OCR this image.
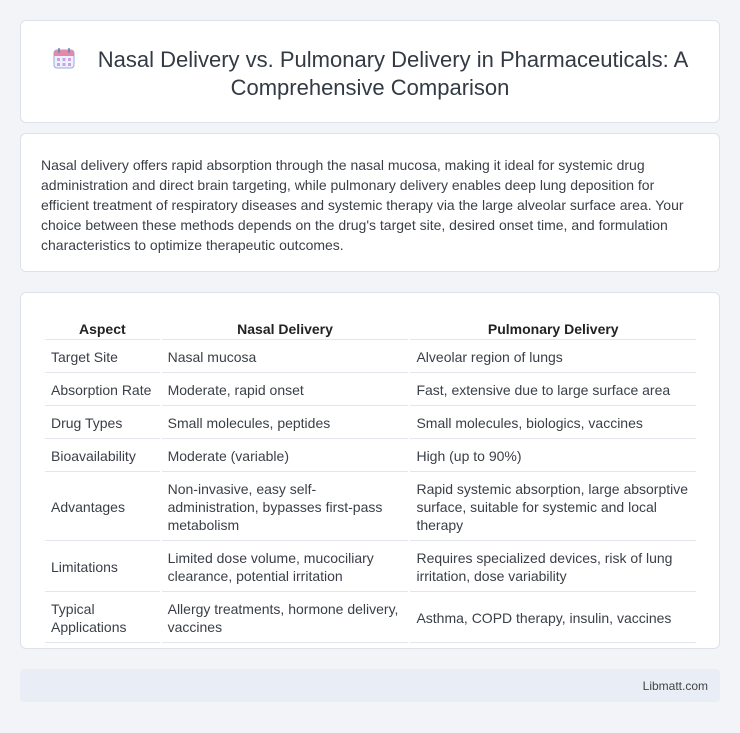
Nasal Delivery vs. Pulmonary Delivery in Pharmaceuticals: A Comprehensive Comparison

Nasal delivery offers rapid absorption through the nasal mucosa, making it ideal for systemic drug administration and direct brain targeting, while pulmonary delivery enables deep lung deposition for efficient treatment of respiratory diseases and systemic therapy via the large alveolar surface area. Your choice between these methods depends on the drug's target site, desired onset time, and formulation characteristics to optimize therapeutic outcomes.

Aspect	Nasal Delivery	Pulmonary Delivery
Target Site	Nasal mucosa	Alveolar region of lungs
Absorption Rate	Moderate, rapid onset	Fast, extensive due to large surface area
Drug Types	Small molecules, peptides	Small molecules, biologics, vaccines
Bioavailability	Moderate (variable)	High (up to 90%)
Advantages	Non-invasive, easy self-administration, bypasses first-pass metabolism	Rapid systemic absorption, large absorptive surface, suitable for systemic and local therapy
Limitations	Limited dose volume, mucociliary clearance, potential irritation	Requires specialized devices, risk of lung irritation, dose variability
Typical Applications	Allergy treatments, hormone delivery, vaccines	Asthma, COPD therapy, insulin, vaccines
Libmatt.com
